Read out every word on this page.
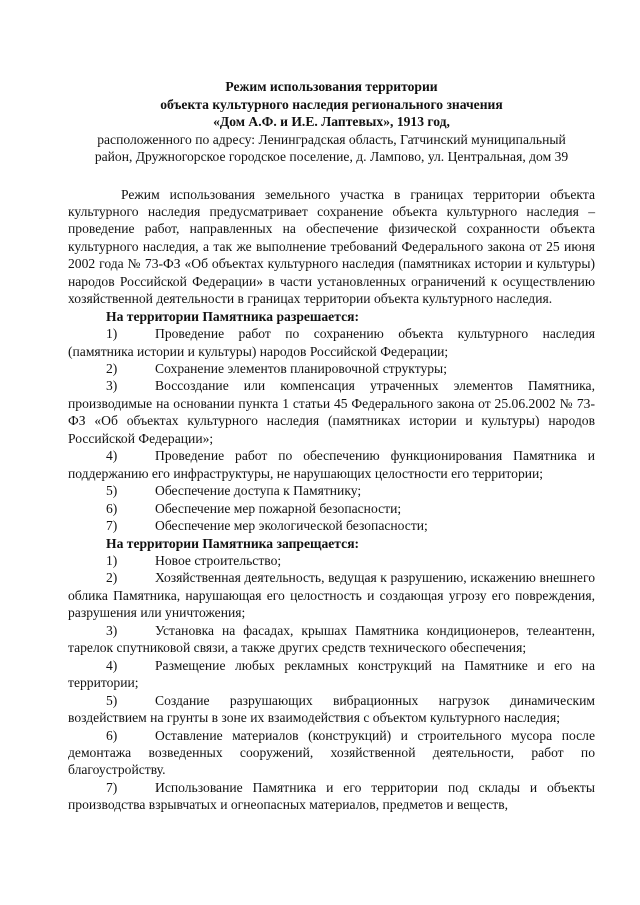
Режим использования территории
объекта культурного наследия регионального значения
«Дом А.Ф. и И.Е. Лаптевых», 1913 год,
расположенного по адресу: Ленинградская область, Гатчинский муниципальный
район, Дружногорское городское поселение, д. Лампово, ул. Центральная, дом 39

Режим использования земельного участка в границах территории объекта культурного наследия предусматривает сохранение объекта культурного наследия – проведение работ, направленных на обеспечение физической сохранности объекта культурного наследия, а так же выполнение требований Федерального закона от 25 июня 2002 года № 73-ФЗ «Об объектах культурного наследия (памятниках истории и культуры) народов Российской Федерации» в части установленных ограничений к осуществлению хозяйственной деятельности в границах территории объекта культурного наследия.

На территории Памятника разрешается:

1)	Проведение работ по сохранению объекта культурного наследия (памятника истории и культуры) народов Российской Федерации;

2)	Сохранение элементов планировочной структуры;

3)	Воссоздание или компенсация утраченных элементов Памятника, производимые на основании пункта 1 статьи 45 Федерального закона от 25.06.2002 № 73-ФЗ «Об объектах культурного наследия (памятниках истории и культуры) народов Российской Федерации»;

4)	Проведение работ по обеспечению функционирования Памятника и поддержанию его инфраструктуры, не нарушающих целостности его территории;

5)	Обеспечение доступа к Памятнику;

6)	Обеспечение мер пожарной безопасности;

7)	Обеспечение мер экологической безопасности;

На территории Памятника запрещается:

1)	Новое строительство;

2)	Хозяйственная деятельность, ведущая к разрушению, искажению внешнего облика Памятника, нарушающая его целостность и создающая угрозу его повреждения, разрушения или уничтожения;

3)	Установка на фасадах, крышах Памятника кондиционеров, телеантенн, тарелок спутниковой связи, а также других средств технического обеспечения;

4)	Размещение любых рекламных конструкций на Памятнике и его на территории;

5)	Создание разрушающих вибрационных нагрузок динамическим воздействием на грунты в зоне их взаимодействия с объектом культурного наследия;

6)	Оставление материалов (конструкций) и строительного мусора после демонтажа возведенных сооружений, хозяйственной деятельности, работ по благоустройству.

7)	Использование Памятника и его территории под склады и объекты производства взрывчатых и огнеопасных материалов, предметов и веществ,
